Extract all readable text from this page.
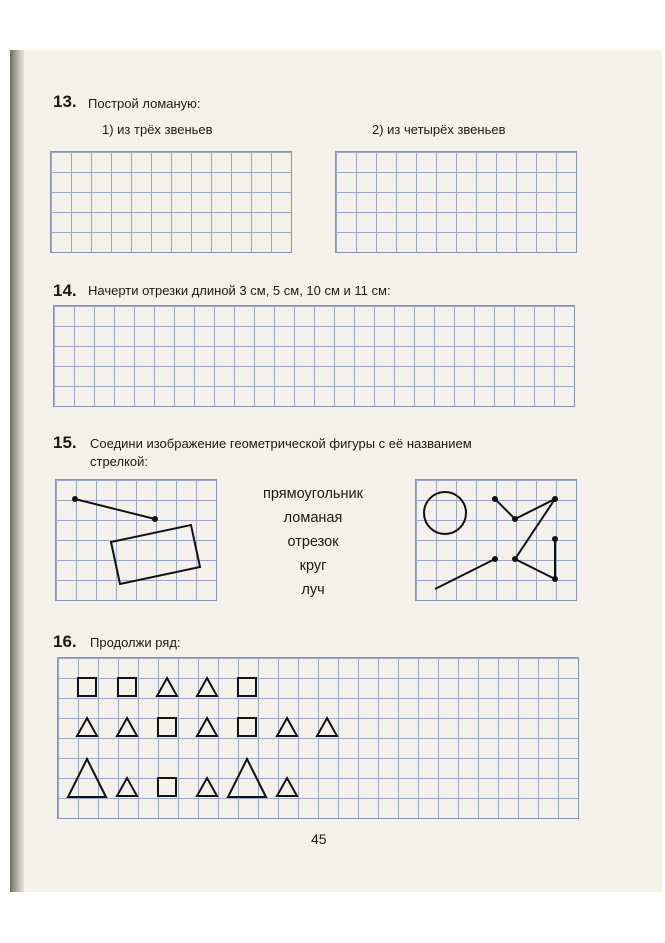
13. Построй ломаную:
1) из трёх звеньев	2) из четырёх звеньев
14. Начерти отрезки длиной 3 см, 5 см, 10 см и 11 см:
15. Соедини изображение геометрической фигуры с её названием
стрелкой:
прямоугольник
ломаная
отрезок
круг
луч
16. Продолжи ряд:
45
